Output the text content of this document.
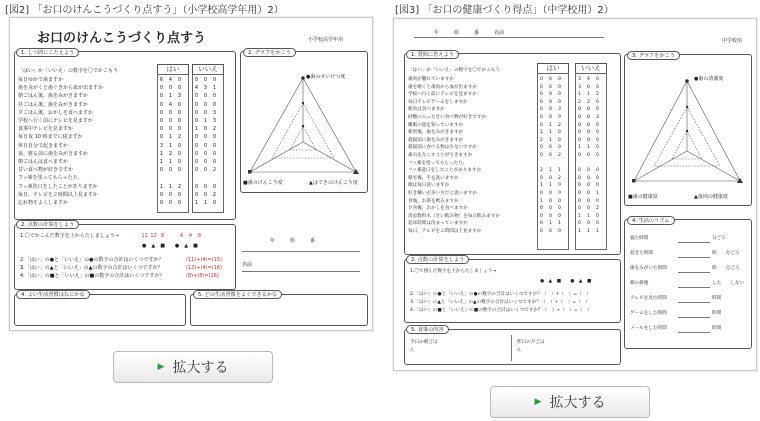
[図2] 「お口のけんこうづくり点すう」（小学校高学年用）2）
お口のけんこうづくり点すう	小学校高学年用
1. しつ問にこたえよう
「はい」か「いいえ」の数字を〇でかこもう	はい	いいえ
毎日ゆかで歯ますか	6 4 0	0 0 0
歯をみがくと歯ぐきから血が出ますか	0 0 0	4 3 1
朝ごはん後、歯をみがきますか	0 1 3	0 0 0
昼ごはん後、歯をみがきますか	0 4 0	0 0 0
夕ごはん後、おかしを食べますか	0 0 0	0 0 3
学校へ行く前にテレビを見ますか	0 0 0	0 1 3
食事中テレビを見ますか	0 0 0	1 0 2
毎日夜 10 時までに寝ますか	0 1 2	0 0 0
休日自分で起きますか	3 1 0	0 0 0
夜、寝る前に歯をみがきますか	1 2 0	0 0 0
朝ごはんは食べますか	1 1 0	0 0 0
甘い食べ物が好きですか	0 0 0	0 0 2
フッ素を塗ってもらったり、
フッ素洗口をしたことがありますか	1 1 2	0 0 0
毎日、テレビを２時間以上見ますか	0 0 0	0 0 2
忘れ物をよくしますか	0 0 0	1 1 0
2. グラフをかこう
●歯のせいけつ度
■歯のけんこう度	▲はできのけんこう度
2. 点数の計算をしよう
1.〇でかこんだ数字を上からたしましょう→	11 12 8	4 4 8
●　▲　■　　●　▲　■
2.「はい」の●と「いいえ」の●の数字の合計はいくつですか？
3.「はい」の▲と「いいえ」の▲の数字の合計はいくつですか？
4.「はい」の■と「いいえ」の■の数字の合計はいくつですか？
(11)+(4)=(15)
(12)+(4)=(16)
(8)+(8)=(16)
年　　　組　　　番
名前
4. よい生活習慣はなにかな	5. どの生活習慣をよくできるかな
▶ 拡大する
[図3] 「お口の健康づくり得点」（中学校用）2）
年　　　組　　　番　　　名前
中学校用
1. 質問に答えよう
「はい」か「いいえ」の数字を〇でかこもう	はい	いいえ
歯肉が腫れていますか	0 0 0	3 4 0
歯を磨くと歯肉から血が出ますか	0 0 0	3 0 0
学校へ行く前にテレビを見ますか	0 0 0	1 1 2
毎日テレビゲームをしますか	0 0 0	2 2 0
朝食は食べますか	0 0 3	0 0 0
砂糖の入った甘い食べ物が好きですか	0 0 0	0 0 3
睡眠の量を知っていますか	0 1 2	0 0 0
朝食後、歯をみがきますか	1 1 0	0 0 0
就寝前に歯をみがきますか	2 1 0	0 0 0
就寝前に食べる物は少ないですか	0 0 0	1 1 0
歯石をなくすことができますか	0 0 2	0 0 0
フッ素を塗ってもらったり、
フッ素洗口をしたことがありますか	2 1 1	0 0 0
帰宅後、手を洗いますか	0 0 2	0 0 0
顔は毎日洗いますか	1 1 0	0 0 0
好き嫌いが多い方だと思いますか	0 0 0	0 0 1
食後、お茶を飲みますか	1 0 0	0 0 0
夕食後、おかしを食べますか	0 0 0	0 0 2
清涼飲料水（甘い飲み物）を毎日飲みますか	0 0 0	1 1 0
起床時間は決まっていますか	0 1 1	0 0 0
毎日、テレビを２時間以上見ますか	0 0 0	1 1 1
3. グラフをかこう
●歯の清潔度
■歯の健康度	▲歯肉の健康度
4. 生活のリズム
寝た時間	分ごろ
起きた時間	時　　分ごろ
歯をみがいた時間	時　　分ごろ
朝の排便	した　　しない
テレビを見た時間	時間
ゲームをした時間	時間
メールをした時間	時間
2. 点数の計算をしよう
1.〇で囲んだ数字を上からたしましょう→
●　▲　■　　●　▲　■
2.「はい」の●と「いいえ」の●の数字の合計はいくつですか？（　）+（　）=（　）
3.「はい」の▲と「いいえ」の▲の数字の合計はいくつですか？（　）+（　）=（　）
4.「はい」の■と「いいえ」の■の数字の合計はいくつですか？（　）+（　）=（　）
5. 食事の内容
今日の朝ごはん
昨日の夕ごはん
▶ 拡大する
